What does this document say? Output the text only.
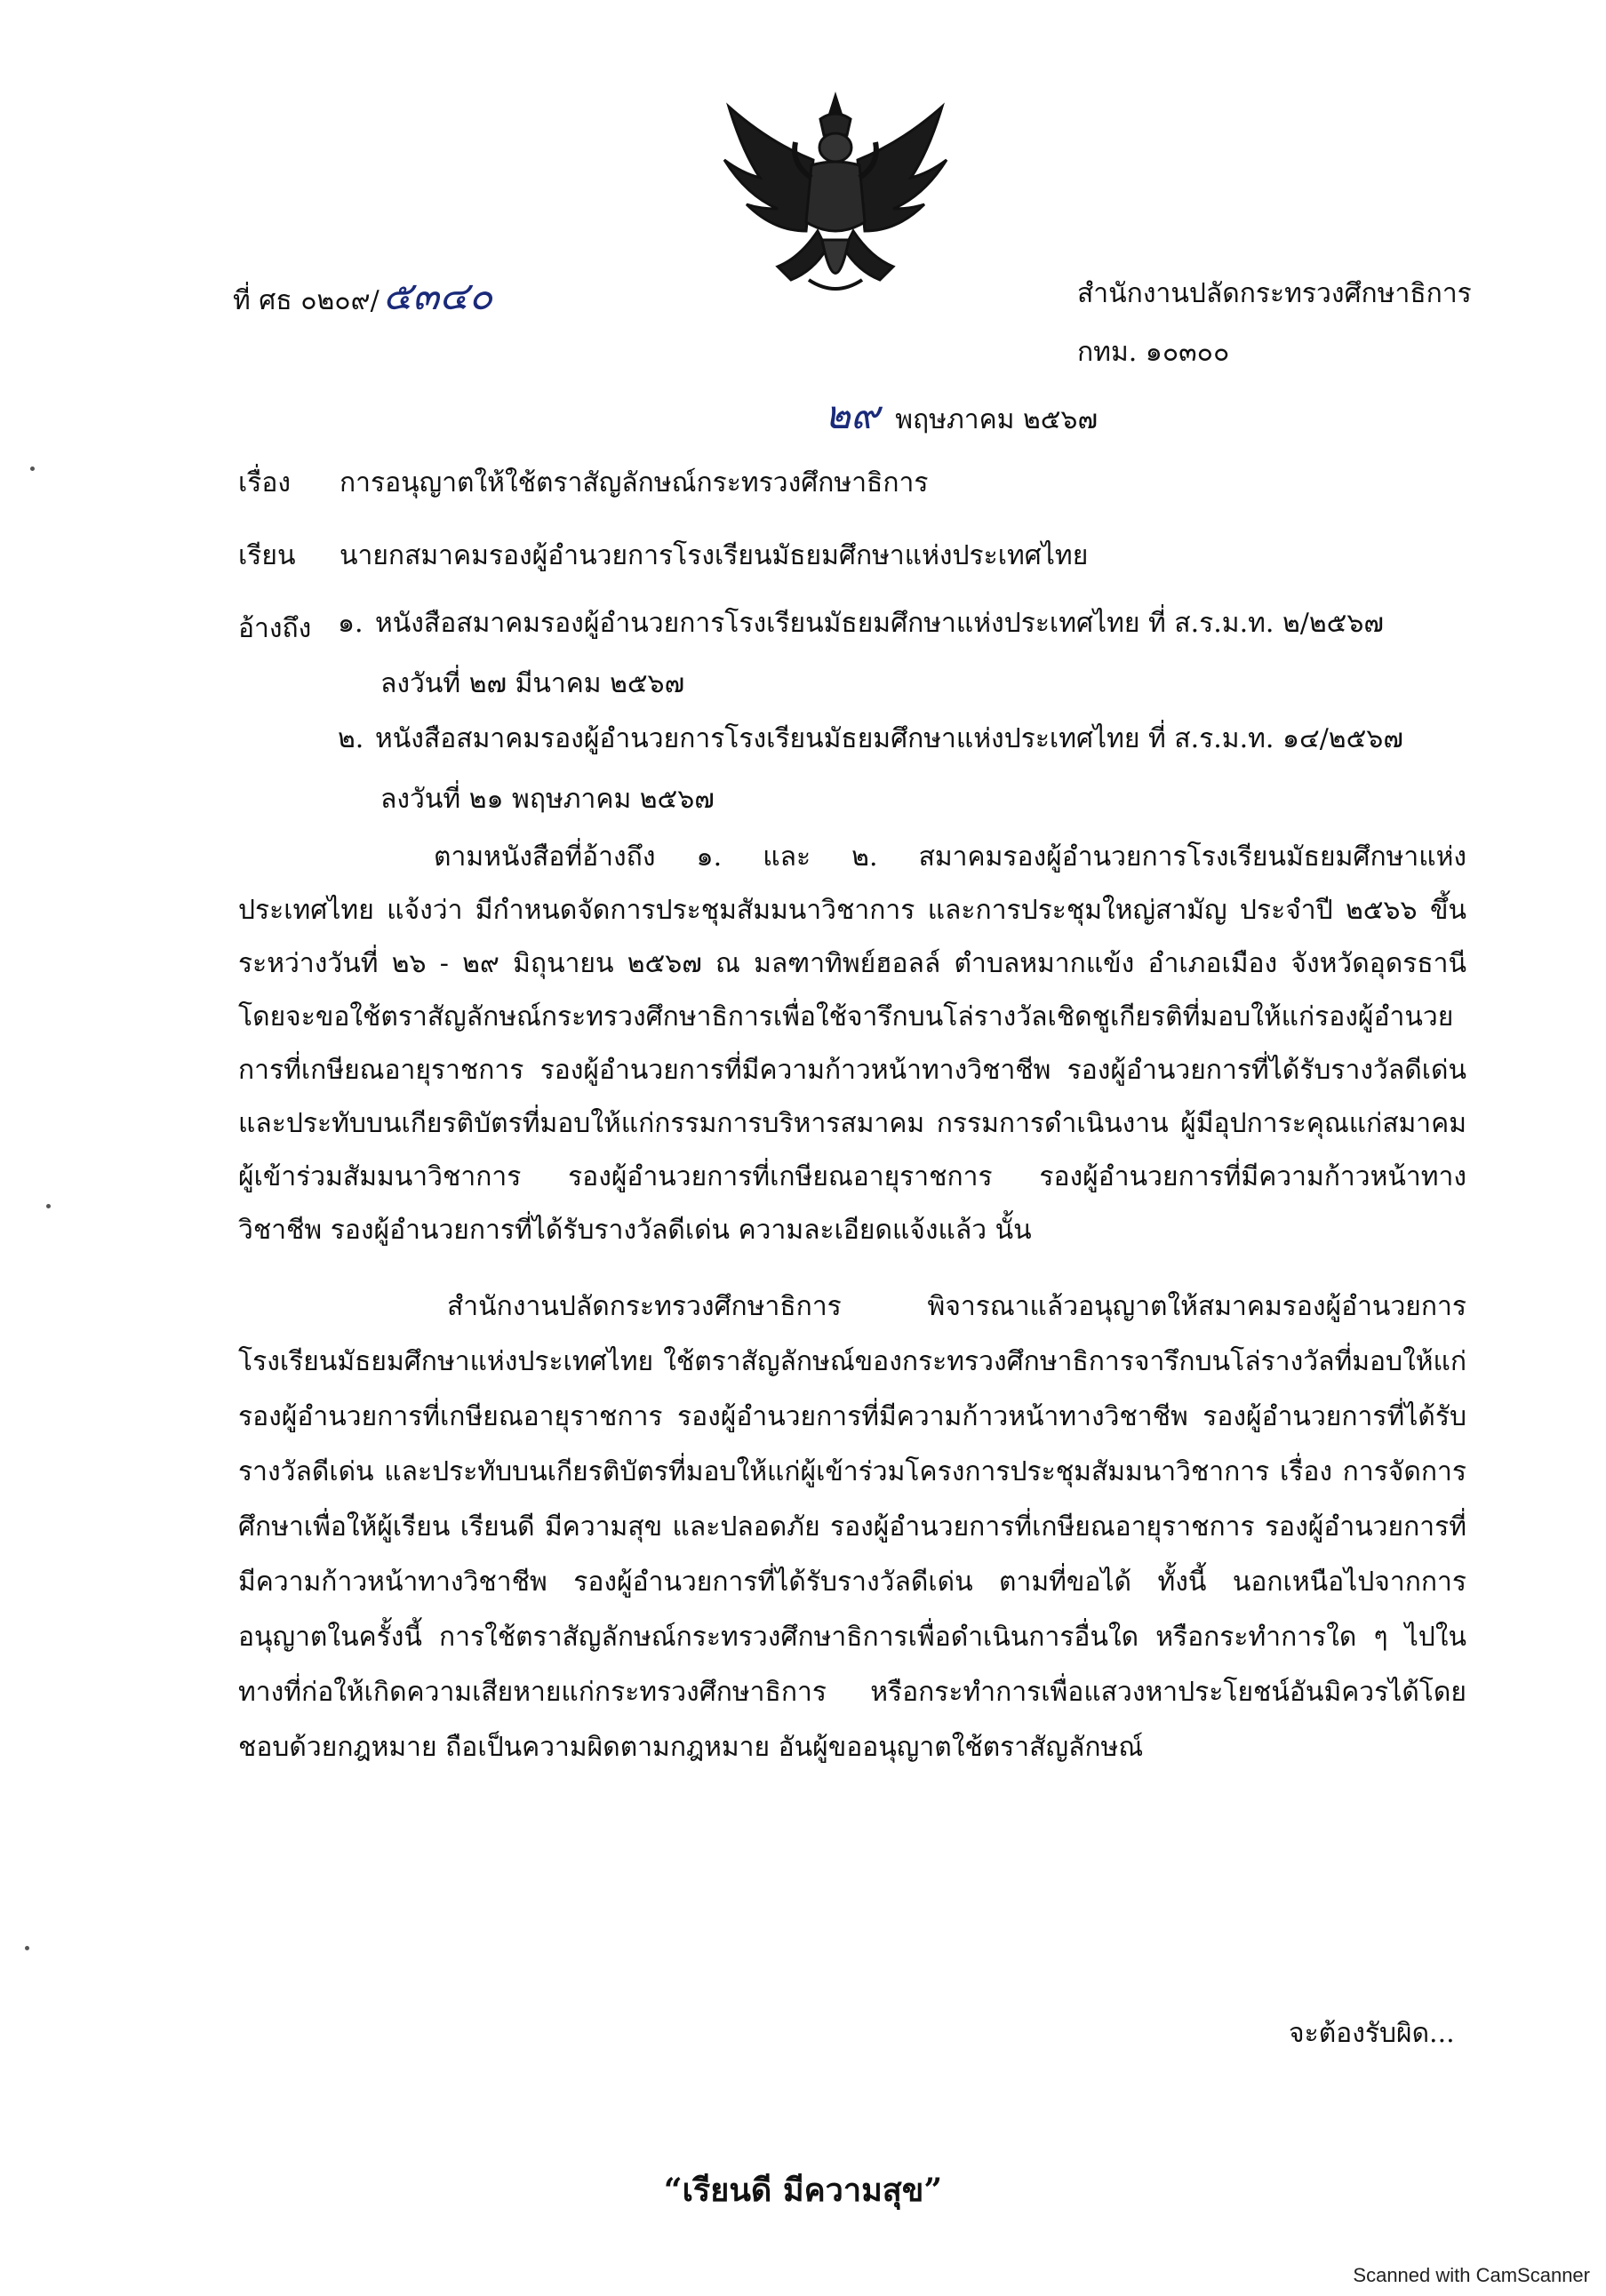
ที่ ศธ ๐๒๐๙/๕๓๔๐	สำนักงานปลัดกระทรวงศึกษาธิการ
กทม. ๑๐๓๐๐
๒๙ พฤษภาคม ๒๕๖๗
เรื่อง การอนุญาตให้ใช้ตราสัญลักษณ์กระทรวงศึกษาธิการ
เรียน นายกสมาคมรองผู้อำนวยการโรงเรียนมัธยมศึกษาแห่งประเทศไทย
อ้างถึง ๑. หนังสือสมาคมรองผู้อำนวยการโรงเรียนมัธยมศึกษาแห่งประเทศไทย ที่ ส.ร.ม.ท. ๒/๒๕๖๗
ลงวันที่ ๒๗ มีนาคม ๒๕๖๗
๒. หนังสือสมาคมรองผู้อำนวยการโรงเรียนมัธยมศึกษาแห่งประเทศไทย ที่ ส.ร.ม.ท. ๑๔/๒๕๖๗
ลงวันที่ ๒๑ พฤษภาคม ๒๕๖๗
ตามหนังสือที่อ้างถึง ๑. และ ๒. สมาคมรองผู้อำนวยการโรงเรียนมัธยมศึกษาแห่งประเทศไทย แจ้งว่า มีกำหนดจัดการประชุมสัมมนาวิชาการ และการประชุมใหญ่สามัญ ประจำปี ๒๕๖๖ ขึ้นระหว่างวันที่ ๒๖ - ๒๙ มิถุนายน ๒๕๖๗ ณ มลฑาทิพย์ฮอลล์ ตำบลหมากแข้ง อำเภอเมือง จังหวัดอุดรธานี โดยจะขอใช้ตราสัญลักษณ์กระทรวงศึกษาธิการเพื่อใช้จารึกบนโล่รางวัลเชิดชูเกียรติที่มอบให้แก่รองผู้อำนวยการที่เกษียณอายุราชการ รองผู้อำนวยการที่มีความก้าวหน้าทางวิชาชีพ รองผู้อำนวยการที่ได้รับรางวัลดีเด่น และประทับบนเกียรติบัตรที่มอบให้แก่กรรมการบริหารสมาคม กรรมการดำเนินงาน ผู้มีอุปการะคุณแก่สมาคม ผู้เข้าร่วมสัมมนาวิชาการ รองผู้อำนวยการที่เกษียณอายุราชการ รองผู้อำนวยการที่มีความก้าวหน้าทางวิชาชีพ รองผู้อำนวยการที่ได้รับรางวัลดีเด่น ความละเอียดแจ้งแล้ว นั้น
สำนักงานปลัดกระทรวงศึกษาธิการ พิจารณาแล้วอนุญาตให้สมาคมรองผู้อำนวยการโรงเรียนมัธยมศึกษาแห่งประเทศไทย ใช้ตราสัญลักษณ์ของกระทรวงศึกษาธิการจารึกบนโล่รางวัลที่มอบให้แก่รองผู้อำนวยการที่เกษียณอายุราชการ รองผู้อำนวยการที่มีความก้าวหน้าทางวิชาชีพ รองผู้อำนวยการที่ได้รับรางวัลดีเด่น และประทับบนเกียรติบัตรที่มอบให้แก่ผู้เข้าร่วมโครงการประชุมสัมมนาวิชาการ เรื่อง การจัดการศึกษาเพื่อให้ผู้เรียน เรียนดี มีความสุข และปลอดภัย รองผู้อำนวยการที่เกษียณอายุราชการ รองผู้อำนวยการที่มีความก้าวหน้าทางวิชาชีพ รองผู้อำนวยการที่ได้รับรางวัลดีเด่น ตามที่ขอได้ ทั้งนี้ นอกเหนือไปจากการอนุญาตในครั้งนี้ การใช้ตราสัญลักษณ์กระทรวงศึกษาธิการเพื่อดำเนินการอื่นใด หรือกระทำการใด ๆ ไปในทางที่ก่อให้เกิดความเสียหายแก่กระทรวงศึกษาธิการ หรือกระทำการเพื่อแสวงหาประโยชน์อันมิควรได้โดยชอบด้วยกฎหมาย ถือเป็นความผิดตามกฎหมาย อันผู้ขออนุญาตใช้ตราสัญลักษณ์
จะต้องรับผิด...
“เรียนดี มีความสุข”
Scanned with CamScanner
